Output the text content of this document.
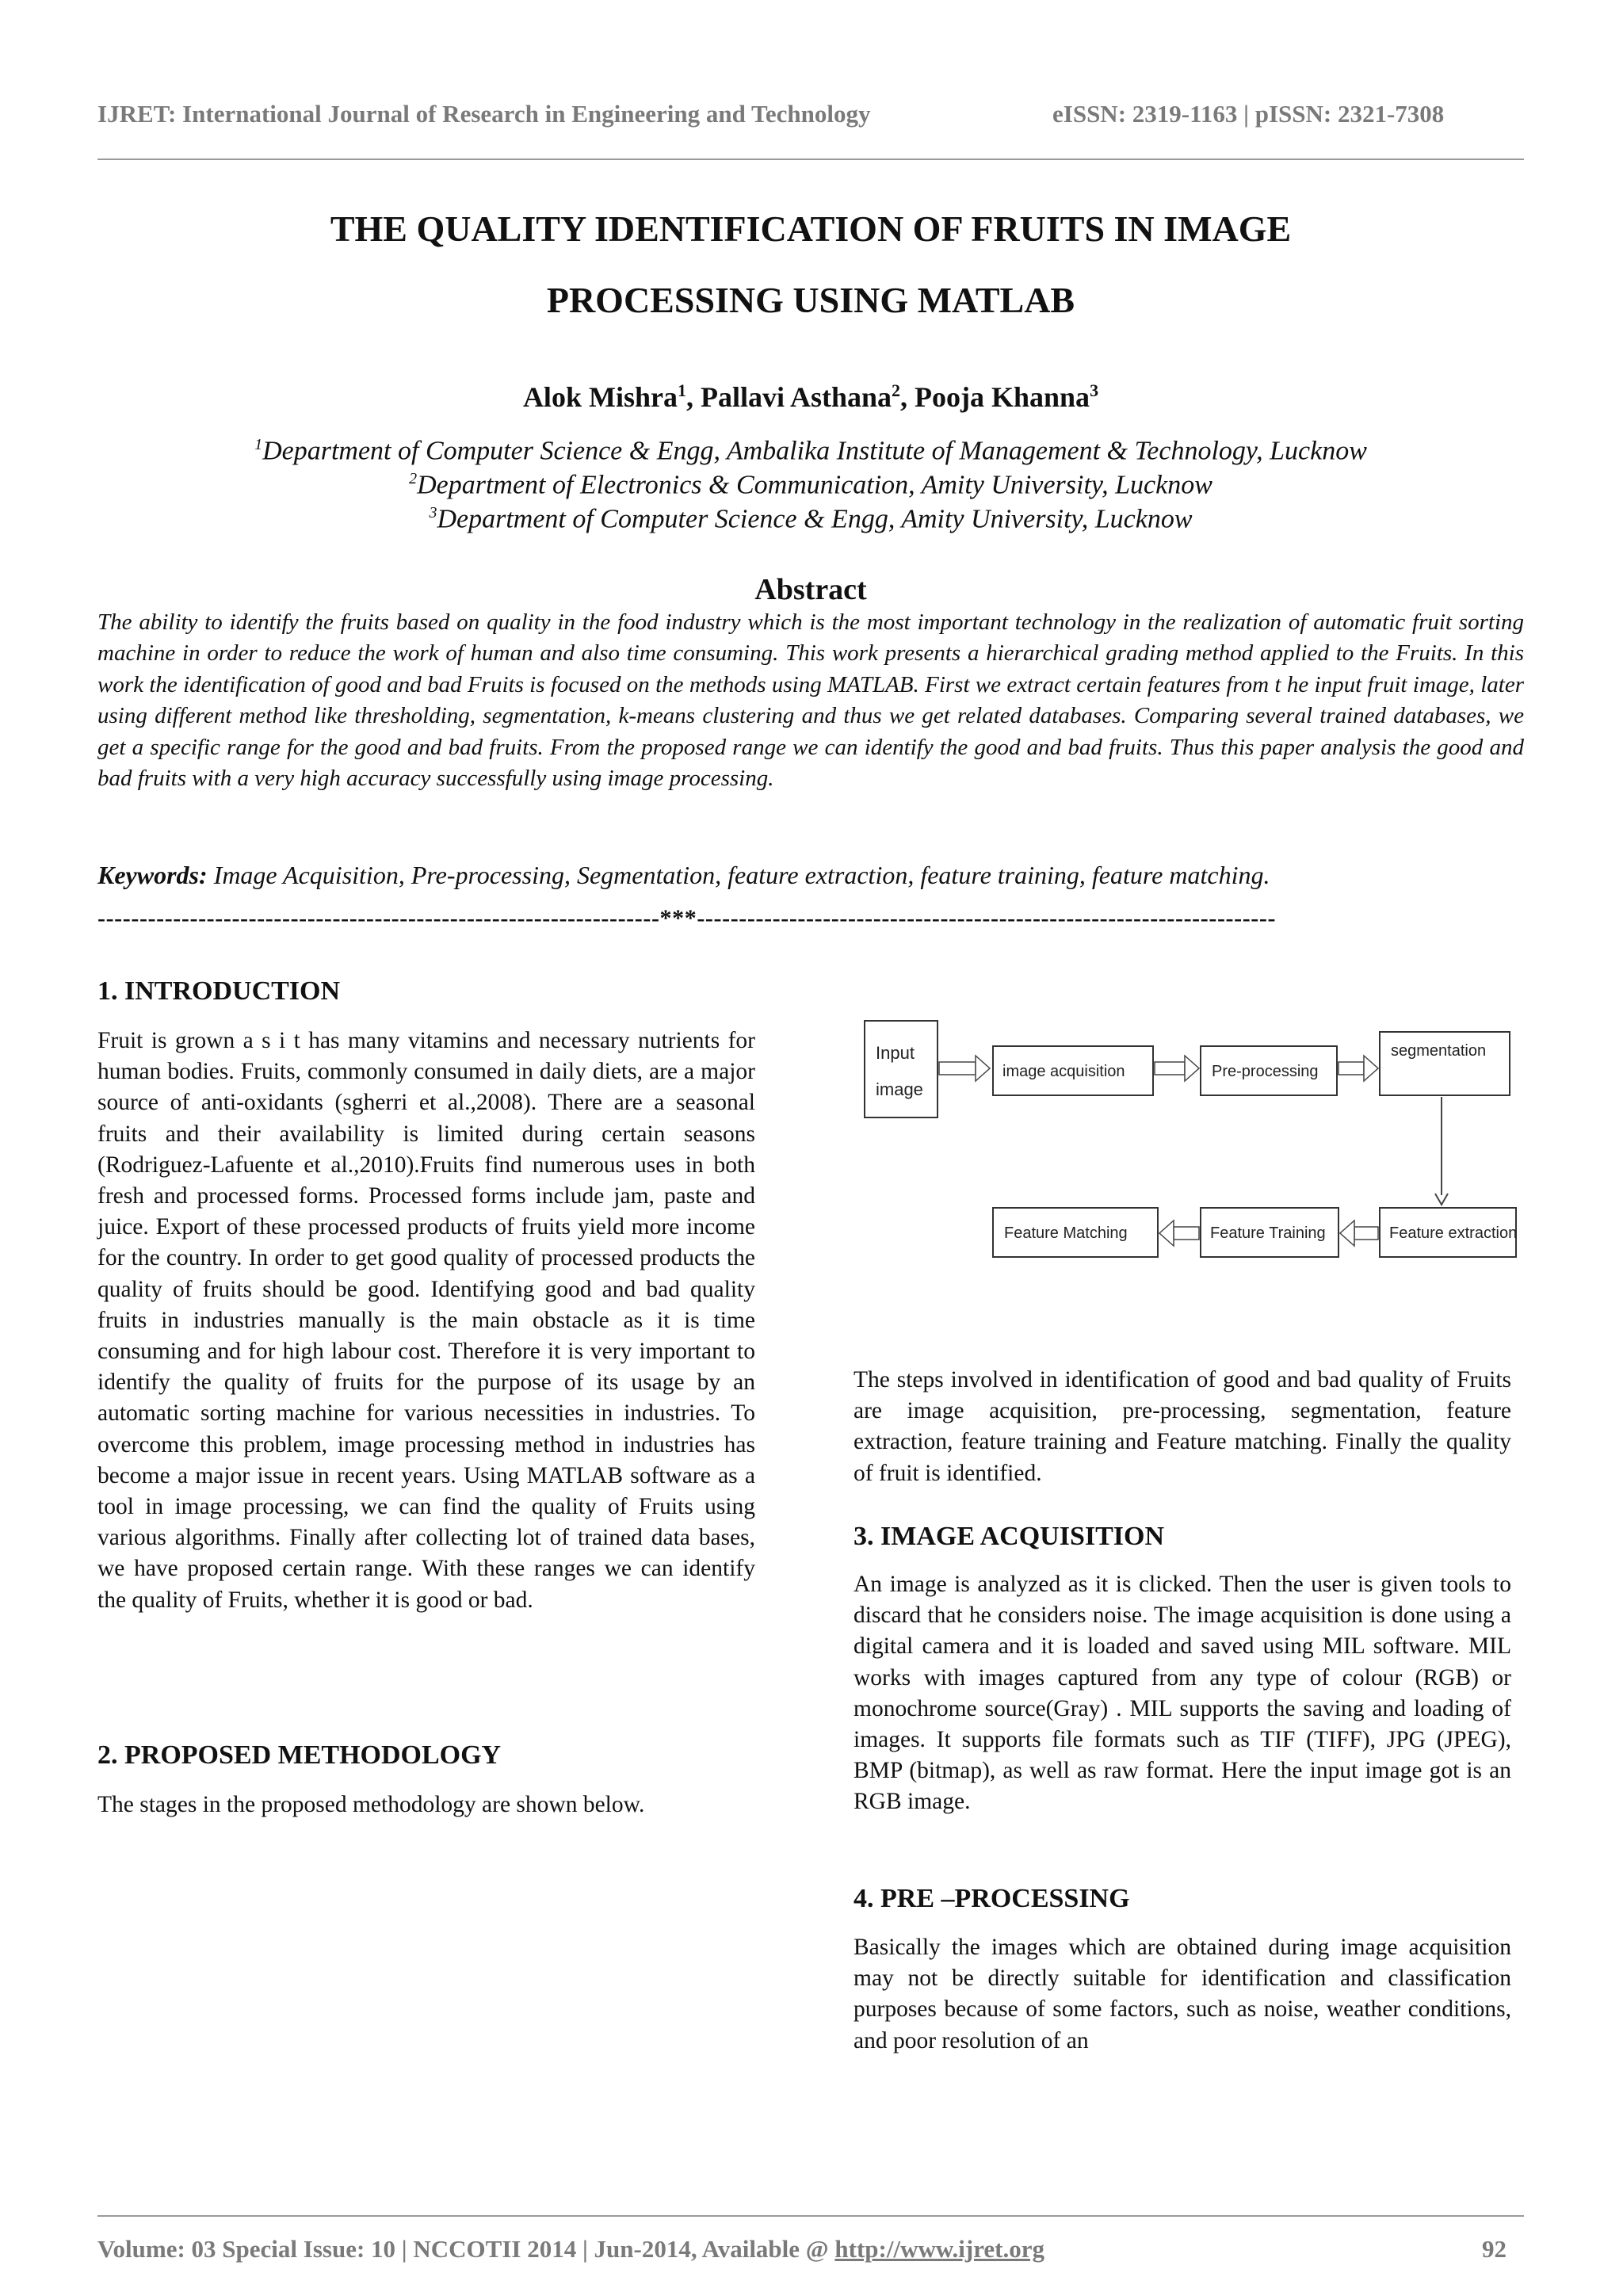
IJRET: International Journal of Research in Engineering and Technology	eISSN: 2319-1163 | pISSN: 2321-7308
THE QUALITY IDENTIFICATION OF FRUITS IN IMAGE
PROCESSING USING MATLAB
Alok Mishra$^1$, Pallavi Asthana$^2$, Pooja Khanna$^3$
$^1$Department of Computer Science & Engg, Ambalika Institute of Management & Technology, Lucknow
$^2$Department of Electronics & Communication, Amity University, Lucknow
$^3$Department of Computer Science & Engg, Amity University, Lucknow
Abstract
The ability to identify the fruits based on quality in the food industry which is the most important technology in the realization of automatic fruit sorting machine in order to reduce the work of human and also time consuming. This work presents a hierarchical grading method applied to the Fruits. In this work the identification of good and bad Fruits is focused on the methods using MATLAB. First we extract certain features from t he input fruit image, later using different method like thresholding, segmentation, k-means clustering and thus we get related databases. Comparing several trained databases, we get a specific range for the good and bad fruits. From the proposed range we can identify the good and bad fruits. Thus this paper analysis the good and bad fruits with a very high accuracy successfully using image processing.
Keywords: Image Acquisition, Pre-processing, Segmentation, feature extraction, feature training, feature matching.
-------------------------------------------------------------------***---------------------------------------------------------------------
1. INTRODUCTION
Fruit is grown a s i t has many vitamins and necessary nutrients for human bodies. Fruits, commonly consumed in daily diets, are a major source of anti-oxidants (sgherri et al.,2008). There are a seasonal fruits and their availability is limited during certain seasons (Rodriguez-Lafuente et al.,2010).Fruits find numerous uses in both fresh and processed forms. Processed forms include jam, paste and juice. Export of these processed products of fruits yield more income for the country. In order to get good quality of processed products the quality of fruits should be good. Identifying good and bad quality fruits in industries manually is the main obstacle as it is time consuming and for high labour cost. Therefore it is very important to identify the quality of fruits for the purpose of its usage by an automatic sorting machine for various necessities in industries. To overcome this problem, image processing method in industries has become a major issue in recent years. Using MATLAB software as a tool in image processing, we can find the quality of Fruits using various algorithms. Finally after collecting lot of trained data bases, we have proposed certain range. With these ranges we can identify the quality of Fruits, whether it is good or bad.
2. PROPOSED METHODOLOGY
The stages in the proposed methodology are shown below.
Input
image
image acquisition	Pre-processing
segmentation
Feature extraction
Feature Training
Feature Matching
The steps involved in identification of good and bad quality of Fruits are image acquisition, pre-processing, segmentation, feature extraction, feature training and Feature matching. Finally the quality of fruit is identified.
3. IMAGE ACQUISITION
An image is analyzed as it is clicked. Then the user is given tools to discard that he considers noise. The image acquisition is done using a digital camera and it is loaded and saved using MIL software. MIL works with images captured from any type of colour (RGB) or monochrome source(Gray) . MIL supports the saving and loading of images. It supports file formats such as TIF (TIFF), JPG (JPEG), BMP (bitmap), as well as raw format. Here the input image got is an RGB image.
4. PRE –PROCESSING
Basically the images which are obtained during image acquisition may not be directly suitable for identification and classification purposes because of some factors, such as noise, weather conditions, and poor resolution of an
Volume: 03 Special Issue: 10 | NCCOTII 2014 | Jun-2014, Available @ http://www.ijret.org	92
